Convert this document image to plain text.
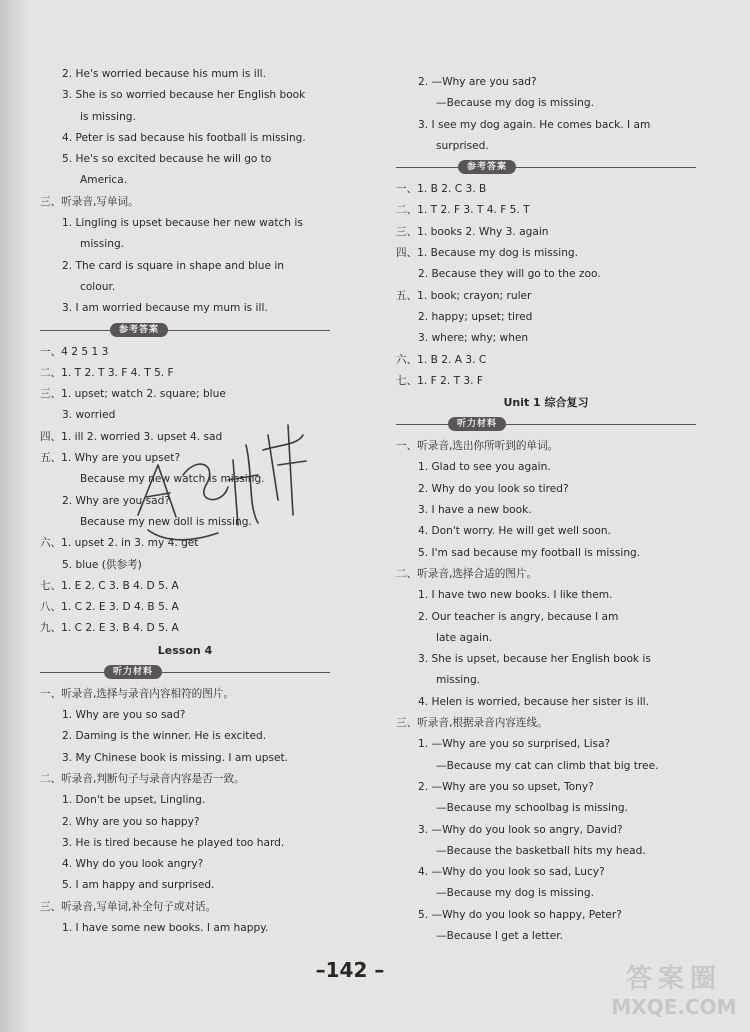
2. He's worried because his mum is ill.
3. She is so worried because her English book
is missing.
4. Peter is sad because his football is missing.
5. He's so excited because he will go to
America.
三、听录音,写单词。
1. Lingling is upset because her new watch is
missing.
2. The card is square in shape and blue in
colour.
3. I am worried because my mum is ill.
参考答案
一、4 2 5 1 3
二、1. T 2. T 3. F 4. T 5. F
三、1. upset; watch 2. square; blue
3. worried
四、1. ill 2. worried 3. upset 4. sad
五、1. Why are you upset?
Because my new watch is missing.
2. Why are you sad?
Because my new doll is missing.
六、1. upset 2. in 3. my 4. get
5. blue (供参考)
七、1. E 2. C 3. B 4. D 5. A
八、1. C 2. E 3. D 4. B 5. A
九、1. C 2. E 3. B 4. D 5. A
Lesson 4
听力材料
一、听录音,选择与录音内容相符的图片。
1. Why are you so sad?
2. Daming is the winner. He is excited.
3. My Chinese book is missing. I am upset.
二、听录音,判断句子与录音内容是否一致。
1. Don't be upset, Lingling.
2. Why are you so happy?
3. He is tired because he played too hard.
4. Why do you look angry?
5. I am happy and surprised.
三、听录音,写单词,补全句子或对话。
1. I have some new books. I am happy.
2. —Why are you sad?
—Because my dog is missing.
3. I see my dog again. He comes back. I am
surprised.
参考答案
一、1. B 2. C 3. B
二、1. T 2. F 3. T 4. F 5. T
三、1. books 2. Why 3. again
四、1. Because my dog is missing.
2. Because they will go to the zoo.
五、1. book; crayon; ruler
2. happy; upset; tired
3. where; why; when
六、1. B 2. A 3. C
七、1. F 2. T 3. F
Unit 1 综合复习
听力材料
一、听录音,选出你所听到的单词。
1. Glad to see you again.
2. Why do you look so tired?
3. I have a new book.
4. Don't worry. He will get well soon.
5. I'm sad because my football is missing.
二、听录音,选择合适的图片。
1. I have two new books. I like them.
2. Our teacher is angry, because I am
late again.
3. She is upset, because her English book is
missing.
4. Helen is worried, because her sister is ill.
三、听录音,根据录音内容连线。
1. —Why are you so surprised, Lisa?
—Because my cat can climb that big tree.
2. —Why are you so upset, Tony?
—Because my schoolbag is missing.
3. —Why do you look so angry, David?
—Because the basketball hits my head.
4. —Why do you look so sad, Lucy?
—Because my dog is missing.
5. —Why do you look so happy, Peter?
—Because I get a letter.
–142 –	答案圈
MXQE.COM
